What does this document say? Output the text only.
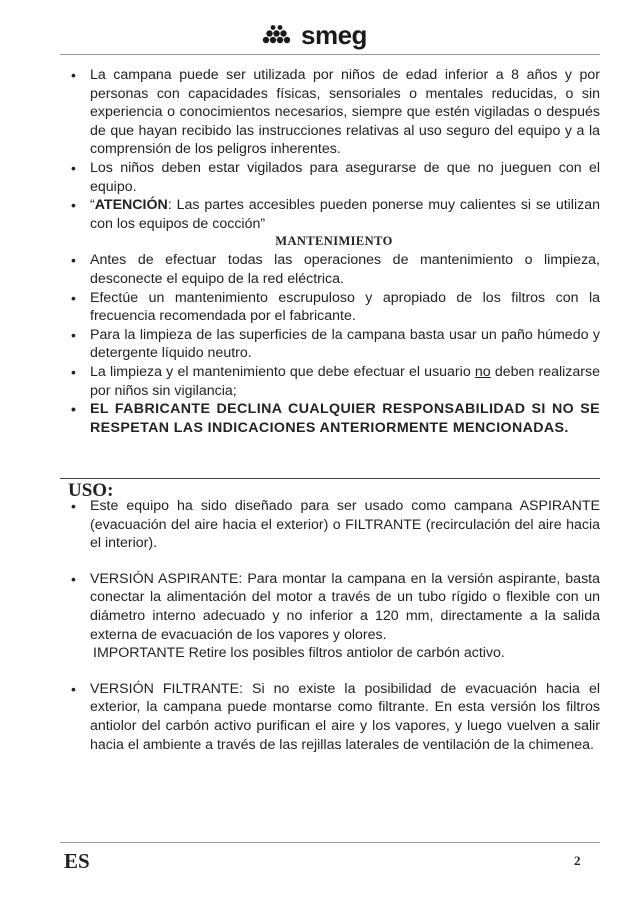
smeg
• La campana puede ser utilizada por niños de edad inferior a 8 años y por personas con capacidades físicas, sensoriales o mentales reducidas, o sin experiencia o conocimientos necesarios, siempre que estén vigiladas o después de que hayan recibido las instrucciones relativas al uso seguro del equipo y a la comprensión de los peligros inherentes.
• Los niños deben estar vigilados para asegurarse de que no jueguen con el equipo.
• “ATENCIÓN: Las partes accesibles pueden ponerse muy calientes si se utilizan con los equipos de cocción”
MANTENIMIENTO
• Antes de efectuar todas las operaciones de mantenimiento o limpieza, desconecte el equipo de la red eléctrica.
• Efectúe un mantenimiento escrupuloso y apropiado de los filtros con la frecuencia recomendada por el fabricante.
• Para la limpieza de las superficies de la campana basta usar un paño húmedo y detergente líquido neutro.
• La limpieza y el mantenimiento que debe efectuar el usuario no deben realizarse por niños sin vigilancia;
• EL FABRICANTE DECLINA CUALQUIER RESPONSABILIDAD SI NO SE RESPETAN LAS INDICACIONES ANTERIORMENTE MENCIONADAS.
USO:
• Este equipo ha sido diseñado para ser usado como campana ASPIRANTE (evacuación del aire hacia el exterior) o FILTRANTE (recirculación del aire hacia el interior).
• VERSIÓN ASPIRANTE: Para montar la campana en la versión aspirante, basta conectar la alimentación del motor a través de un tubo rígido o flexible con un diámetro interno adecuado y no inferior a 120 mm, directamente a la salida externa de evacuación de los vapores y olores.
IMPORTANTE Retire los posibles filtros antiolor de carbón activo.
• VERSIÓN FILTRANTE: Si no existe la posibilidad de evacuación hacia el exterior, la campana puede montarse como filtrante. En esta versión los filtros antiolor del carbón activo purifican el aire y los vapores, y luego vuelven a salir hacia el ambiente a través de las rejillas laterales de ventilación de la chimenea.
ES	2
